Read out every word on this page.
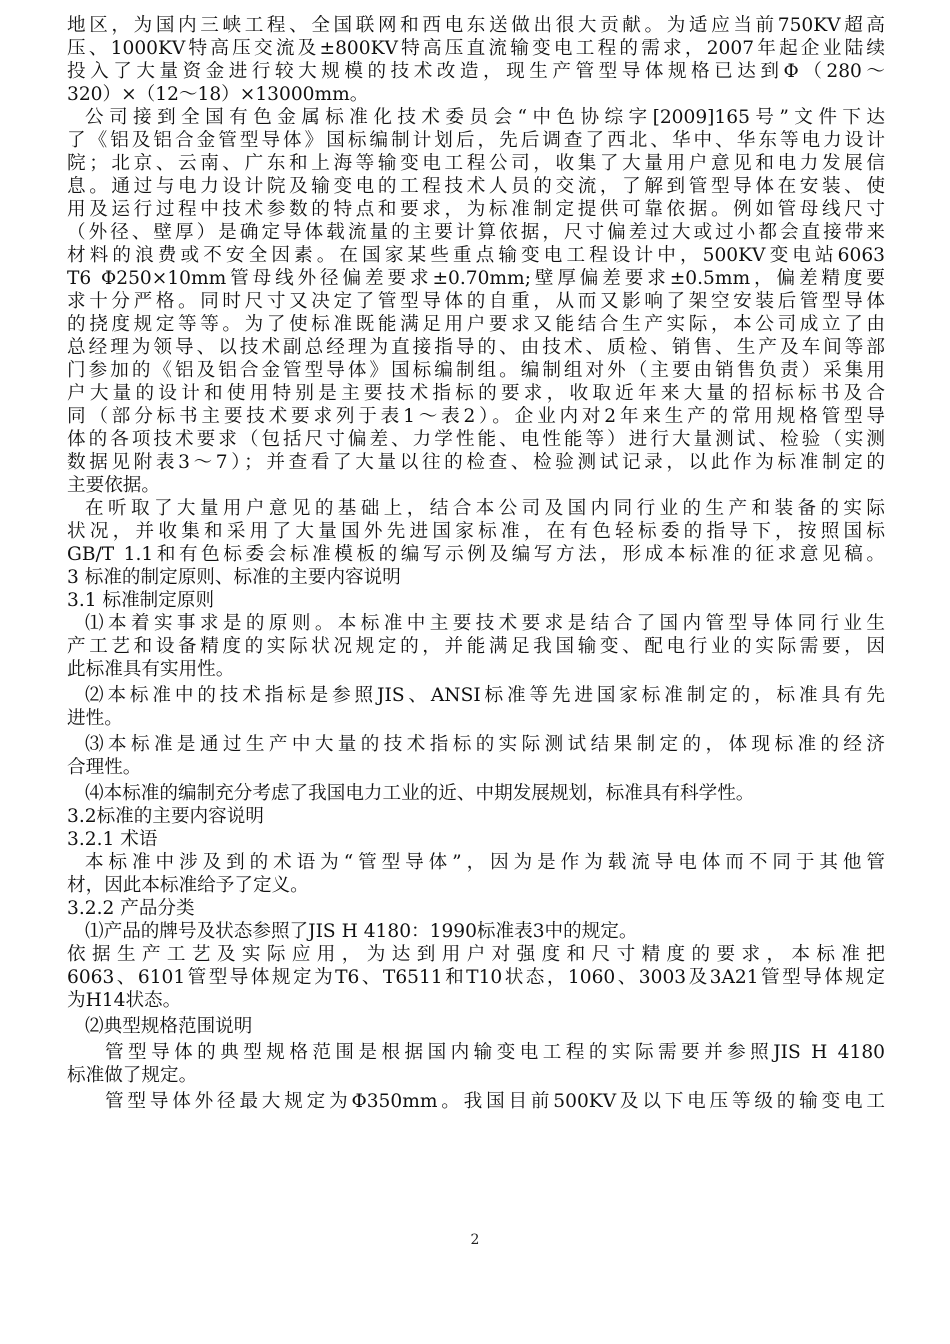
地区，为国内三峡工程、全国联网和西电东送做出很大贡献。为适应当前750KV超高
压、1000KV特高压交流及±800KV特高压直流输变电工程的需求，2007年起企业陆续
投入了大量资金进行较大规模的技术改造，现生产管型导体规格已达到Φ（280～
320）×（12～18）×13000mm。
公司接到全国有色金属标准化技术委员会“中色协综字[2009]165号”文件下达
了《铝及铝合金管型导体》国标编制计划后，先后调查了西北、华中、华东等电力设计
院；北京、云南、广东和上海等输变电工程公司，收集了大量用户意见和电力发展信
息。通过与电力设计院及输变电的工程技术人员的交流，了解到管型导体在安装、使
用及运行过程中技术参数的特点和要求，为标准制定提供可靠依据。例如管母线尺寸
（外径、壁厚）是确定导体载流量的主要计算依据，尺寸偏差过大或过小都会直接带来
材料的浪费或不安全因素。在国家某些重点输变电工程设计中，500KV变电站6063
T6 Φ250×10mm管母线外径偏差要求±0.70mm;壁厚偏差要求±0.5mm，偏差精度要
求十分严格。同时尺寸又决定了管型导体的自重，从而又影响了架空安装后管型导体
的挠度规定等等。为了使标准既能满足用户要求又能结合生产实际，本公司成立了由
总经理为领导、以技术副总经理为直接指导的、由技术、质检、销售、生产及车间等部
门参加的《铝及铝合金管型导体》国标编制组。编制组对外（主要由销售负责）采集用
户大量的设计和使用特别是主要技术指标的要求，收取近年来大量的招标标书及合
同（部分标书主要技术要求列于表1～表2）。企业内对2年来生产的常用规格管型导
体的各项技术要求（包括尺寸偏差、力学性能、电性能等）进行大量测试、检验（实测
数据见附表3～7）；并查看了大量以往的检查、检验测试记录，以此作为标准制定的
主要依据。
在听取了大量用户意见的基础上，结合本公司及国内同行业的生产和装备的实际
状况，并收集和采用了大量国外先进国家标准，在有色轻标委的指导下，按照国标
GB/T 1.1和有色标委会标准模板的编写示例及编写方法，形成本标准的征求意见稿。
3 标准的制定原则、标准的主要内容说明
3.1 标准制定原则
⑴本着实事求是的原则。本标准中主要技术要求是结合了国内管型导体同行业生
产工艺和设备精度的实际状况规定的，并能满足我国输变、配电行业的实际需要，因
此标准具有实用性。
⑵本标准中的技术指标是参照JIS、ANSI标准等先进国家标准制定的，标准具有先
进性。
⑶本标准是通过生产中大量的技术指标的实际测试结果制定的，体现标准的经济
合理性。
⑷本标准的编制充分考虑了我国电力工业的近、中期发展规划，标准具有科学性。
3.2标准的主要内容说明
3.2.1 术语
本标准中涉及到的术语为“管型导体”，因为是作为载流导电体而不同于其他管
材，因此本标准给予了定义。
3.2.2 产品分类
⑴产品的牌号及状态参照了JIS H 4180：1990标准表3中的规定。
依据生产工艺及实际应用，为达到用户对强度和尺寸精度的要求，本标准把
6063、6101管型导体规定为T6、T6511和T10状态，1060、3003及3A21管型导体规定
为H14状态。
⑵典型规格范围说明
管型导体的典型规格范围是根据国内输变电工程的实际需要并参照JIS H 4180
标准做了规定。
管型导体外径最大规定为Φ350mm。我国目前500KV及以下电压等级的输变电工
2
